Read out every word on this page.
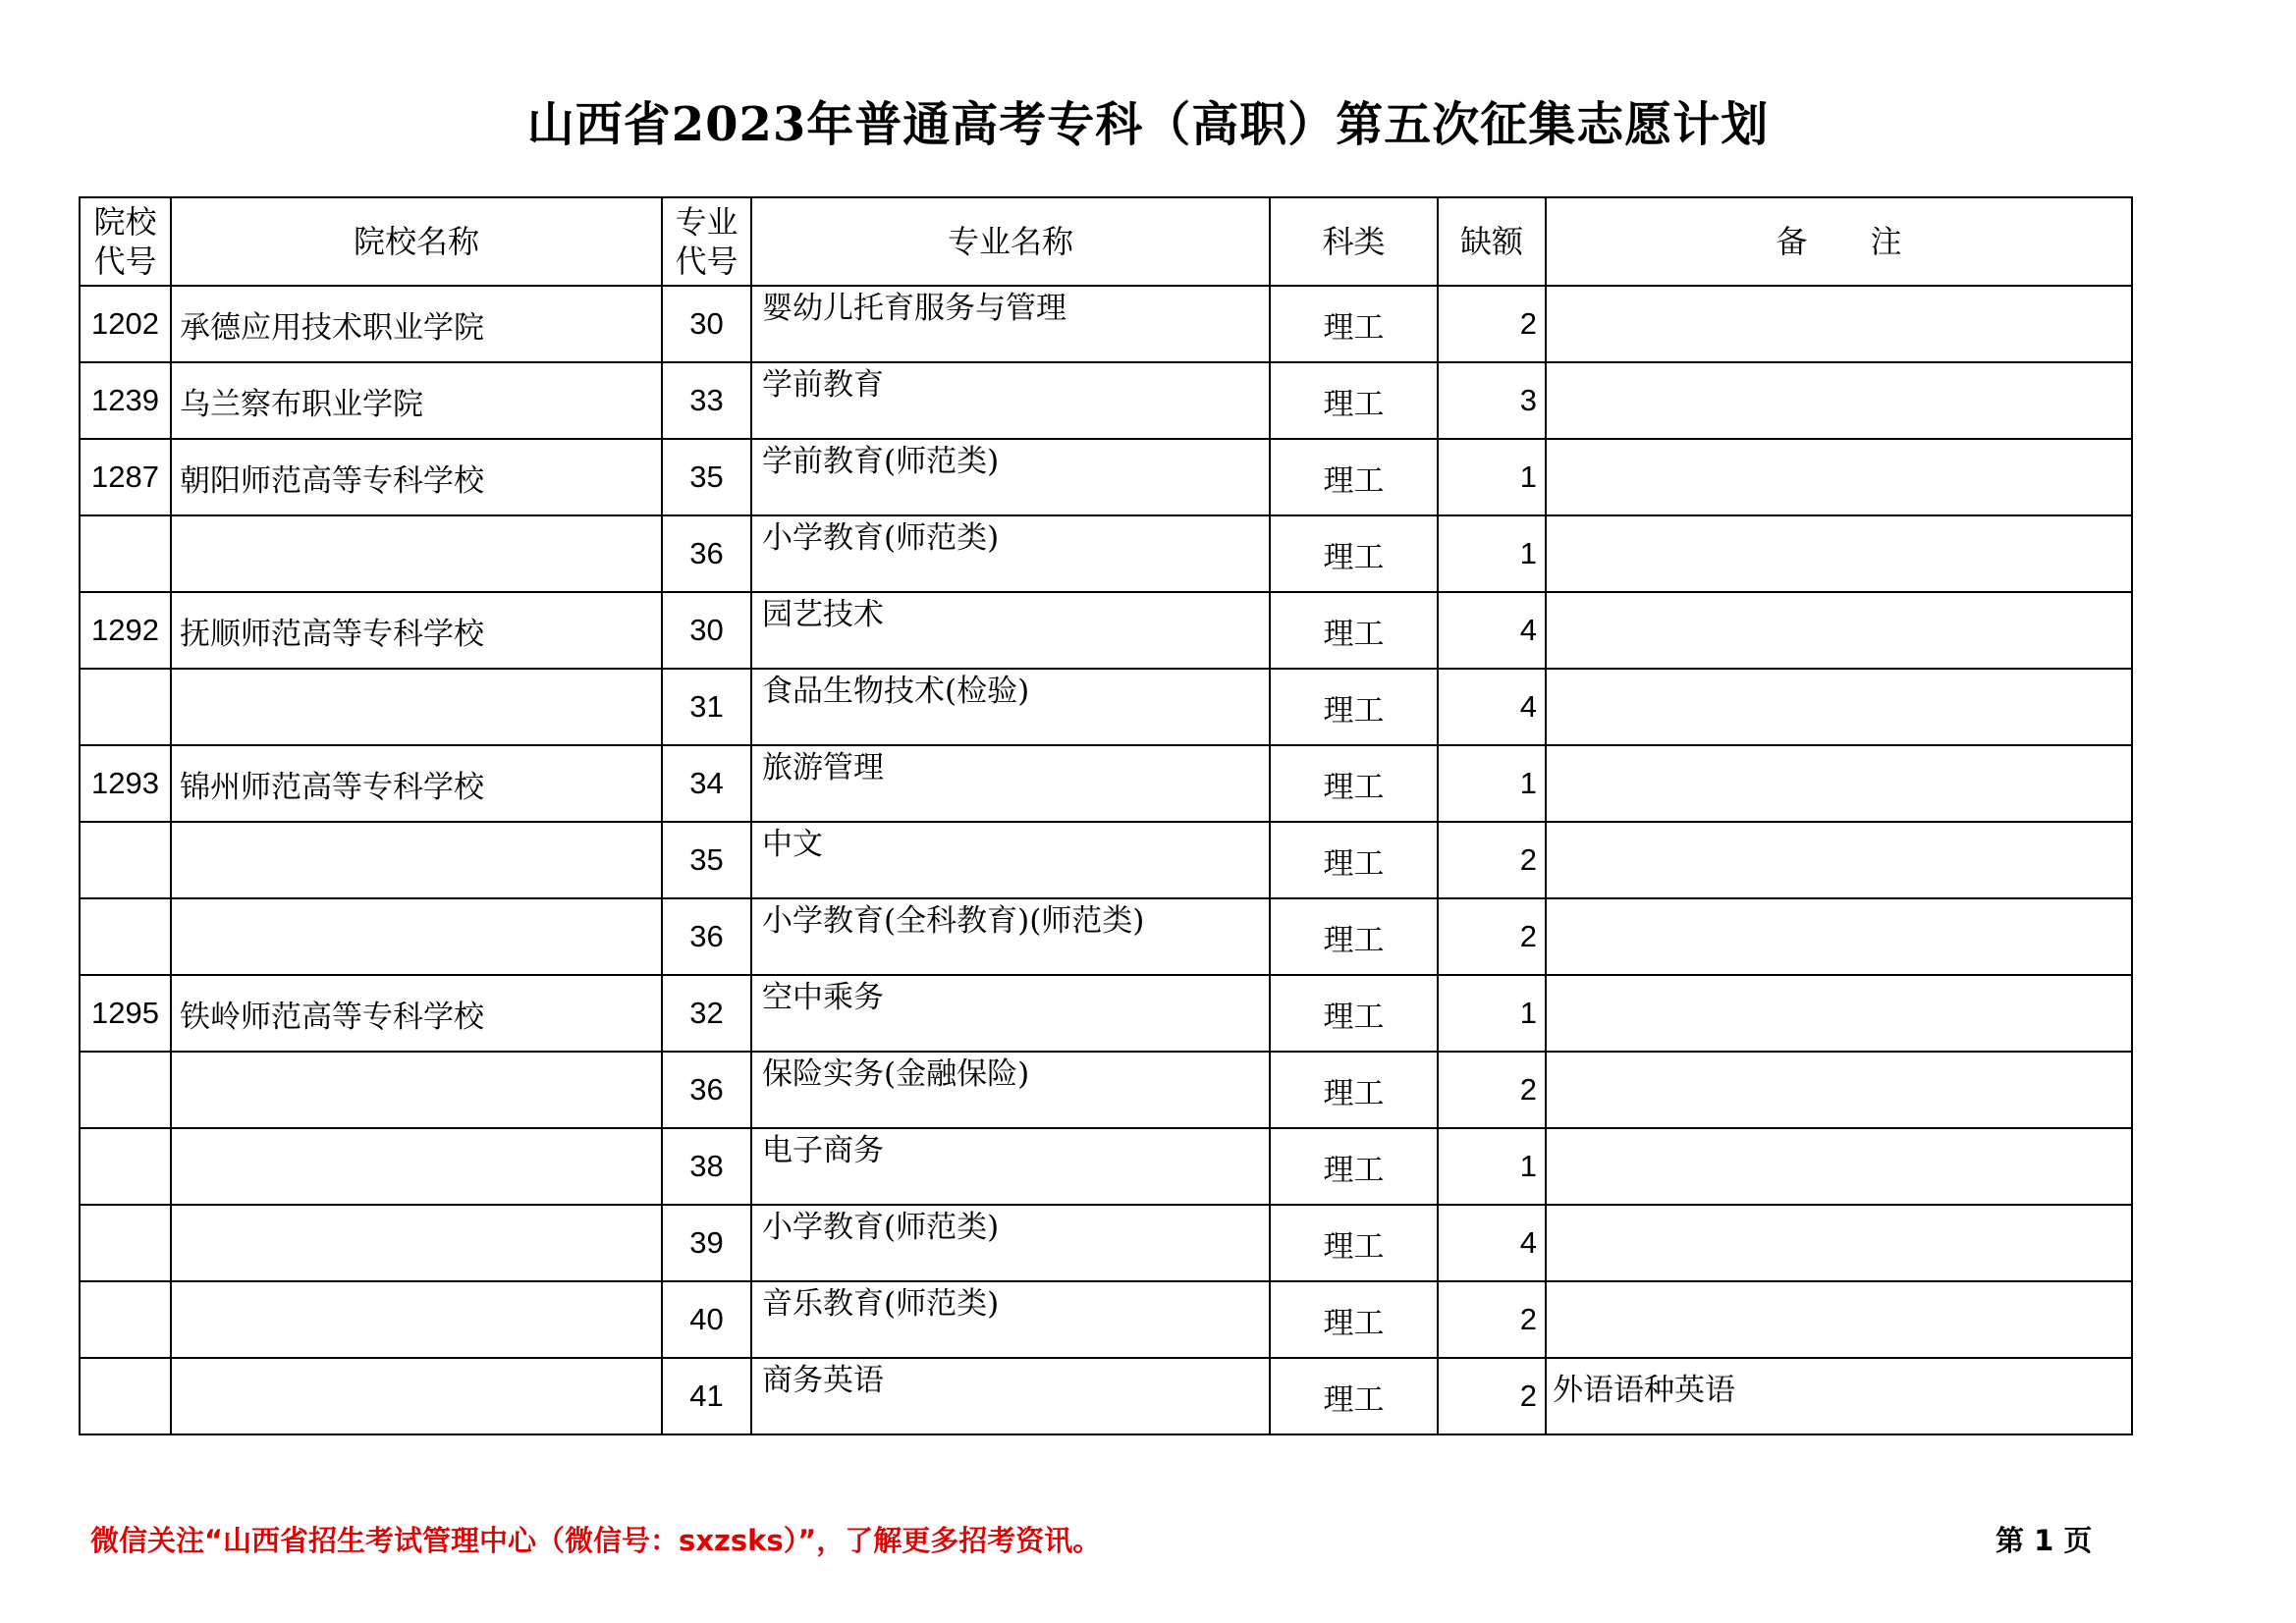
山西省2023年普通高考专科（高职）第五次征集志愿计划
院校代号	院校名称	专业代号	专业名称	科类	缺额	备　　注
1202	承德应用技术职业学院	30	婴幼儿托育服务与管理	理工	2	
1239	乌兰察布职业学院	33	学前教育	理工	3	
1287	朝阳师范高等专科学校	35	学前教育(师范类)	理工	1	
		36	小学教育(师范类)	理工	1	
1292	抚顺师范高等专科学校	30	园艺技术	理工	4	
		31	食品生物技术(检验)	理工	4	
1293	锦州师范高等专科学校	34	旅游管理	理工	1	
		35	中文	理工	2	
		36	小学教育(全科教育)(师范类)	理工	2	
1295	铁岭师范高等专科学校	32	空中乘务	理工	1	
		36	保险实务(金融保险)	理工	2	
		38	电子商务	理工	1	
		39	小学教育(师范类)	理工	4	
		40	音乐教育(师范类)	理工	2	
		41	商务英语	理工	2	外语语种英语
微信关注“山西省招生考试管理中心（微信号：sxzsks）”，了解更多招考资讯。	第 1 页
